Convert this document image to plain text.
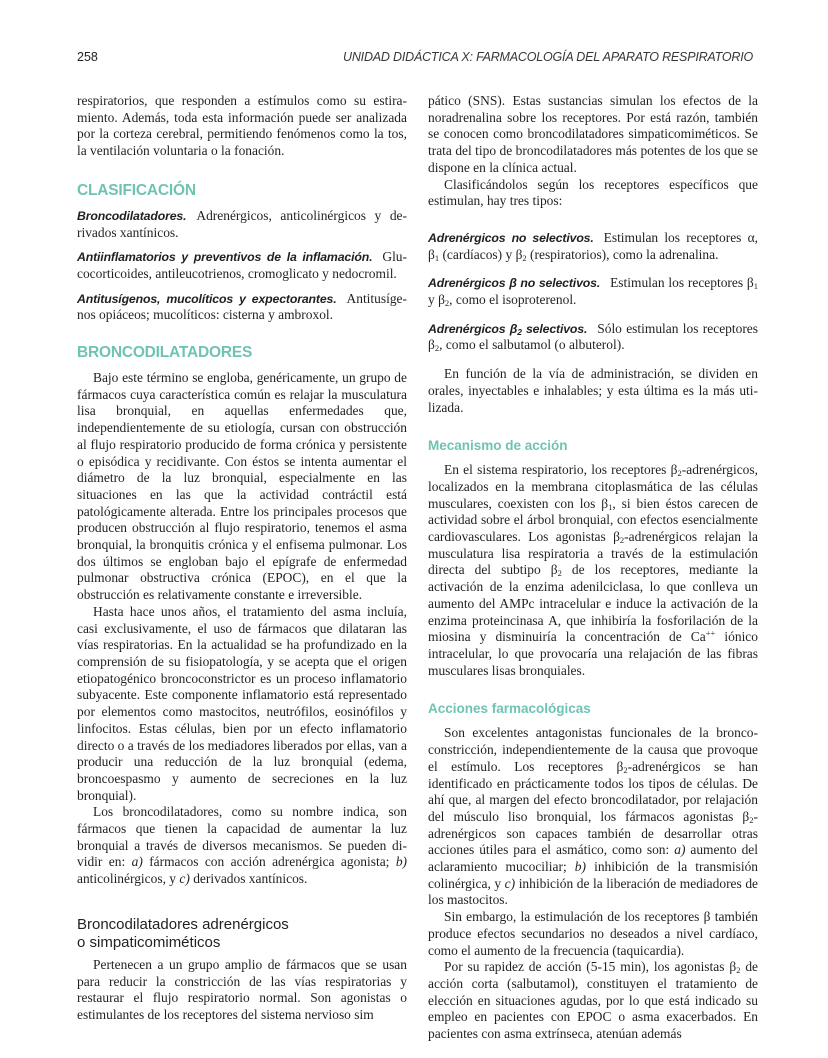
258	UNIDAD DIDÁCTICA X: FARMACOLOGÍA DEL APARATO RESPIRATORIO

respiratorios, que responden a estímulos como su estiramiento. Además, toda esta información puede ser analizada por la corteza cerebral, permitiendo fenómenos como la tos, la ventilación voluntaria o la fonación.

CLASIFICACIÓN

Broncodilatadores. Adrenérgicos, anticolinérgicos y derivados xantínicos.

Antiinflamatorios y preventivos de la inflamación. Glucocorticoides, antileucotrienos, cromoglicato y nedocromil.

Antitusígenos, mucolíticos y expectorantes. Antitusígenos opiáceos; mucolíticos: cisterna y ambroxol.

BRONCODILATADORES

Bajo este término se engloba, genéricamente, un grupo de fármacos cuya característica común es relajar la musculatura lisa bronquial, en aquellas enfermedades que, independientemente de su etiología, cursan con obstrucción al flujo respiratorio producido de forma crónica y persistente o episódica y recidivante. Con éstos se intenta aumentar el diámetro de la luz bronquial, especialmente en las situaciones en las que la actividad contráctil está patológicamente alterada. Entre los principales procesos que producen obstrucción al flujo respiratorio, tenemos el asma bronquial, la bronquitis crónica y el enfisema pulmonar. Los dos últimos se engloban bajo el epígrafe de enfermedad pulmonar obstructiva crónica (EPOC), en el que la obstrucción es relativamente constante e irreversible.

Hasta hace unos años, el tratamiento del asma incluía, casi exclusivamente, el uso de fármacos que dilataran las vías respiratorias. En la actualidad se ha profundizado en la comprensión de su fisiopatología, y se acepta que el origen etiopatogénico broncoconstrictor es un proceso inflamatorio subyacente. Este componente inflamatorio está representado por elementos como mastocitos, neutrófilos, eosinófilos y linfocitos. Estas células, bien por un efecto inflamatorio directo o a través de los mediadores liberados por ellas, van a producir una reducción de la luz bronquial (edema, broncoespasmo y aumento de secreciones en la luz bronquial).

Los broncodilatadores, como su nombre indica, son fármacos que tienen la capacidad de aumentar la luz bronquial a través de diversos mecanismos. Se pueden dividir en: a) fármacos con acción adrenérgica agonista; b) anticolinérgicos, y c) derivados xantínicos.

Broncodilatadores adrenérgicos
o simpaticomiméticos

Pertenecen a un grupo amplio de fármacos que se usan para reducir la constricción de las vías respiratorias y restaurar el flujo respiratorio normal. Son agonistas o estimulantes de los receptores del sistema nervioso sim

pático (SNS). Estas sustancias simulan los efectos de la noradrenalina sobre los receptores. Por está razón, también se conocen como broncodilatadores simpaticomiméticos. Se trata del tipo de broncodilatadores más potentes de los que se dispone en la clínica actual.

Clasificándolos según los receptores específicos que estimulan, hay tres tipos:

Adrenérgicos no selectivos. Estimulan los receptores α, $\beta_1$ (cardíacos) y $\beta_2$ (respiratorios), como la adrenalina.

Adrenérgicos β no selectivos. Estimulan los receptores $\beta_1$ y $\beta_2$, como el isoproterenol.

Adrenérgicos $\beta_2$ selectivos. Sólo estimulan los receptores $\beta_2$, como el salbutamol (o albuterol).

En función de la vía de administración, se dividen en orales, inyectables e inhalables; y esta última es la más utilizada.

Mecanismo de acción

En el sistema respiratorio, los receptores $\beta_2$-adrenérgicos, localizados en la membrana citoplasmática de las células musculares, coexisten con los $\beta_1$, si bien éstos carecen de actividad sobre el árbol bronquial, con efectos esencialmente cardiovasculares. Los agonistas $\beta_2$-adrenérgicos relajan la musculatura lisa respiratoria a través de la estimulación directa del subtipo $\beta_2$ de los receptores, mediante la activación de la enzima adenilciclasa, lo que conlleva un aumento del AMPc intracelular e induce la activación de la enzima proteincinasa A, que inhibiría la fosforilación de la miosina y disminuiría la concentración de Ca++ iónico intracelular, lo que provocaría una relajación de las fibras musculares lisas bronquiales.

Acciones farmacológicas

Son excelentes antagonistas funcionales de la broncoconstricción, independientemente de la causa que provoque el estímulo. Los receptores $\beta_2$-adrenérgicos se han identificado en prácticamente todos los tipos de células. De ahí que, al margen del efecto broncodilatador, por relajación del músculo liso bronquial, los fármacos agonistas $\beta_2$-adrenérgicos son capaces también de desarrollar otras acciones útiles para el asmático, como son: a) aumento del aclaramiento mucociliar; b) inhibición de la transmisión colinérgica, y c) inhibición de la liberación de mediadores de los mastocitos.

Sin embargo, la estimulación de los receptores β también produce efectos secundarios no deseados a nivel cardíaco, como el aumento de la frecuencia (taquicardia).

Por su rapidez de acción (5-15 min), los agonistas $\beta_2$ de acción corta (salbutamol), constituyen el tratamiento de elección en situaciones agudas, por lo que está indicado su empleo en pacientes con EPOC o asma exacerbados. En pacientes con asma extrínseca, atenúan además
